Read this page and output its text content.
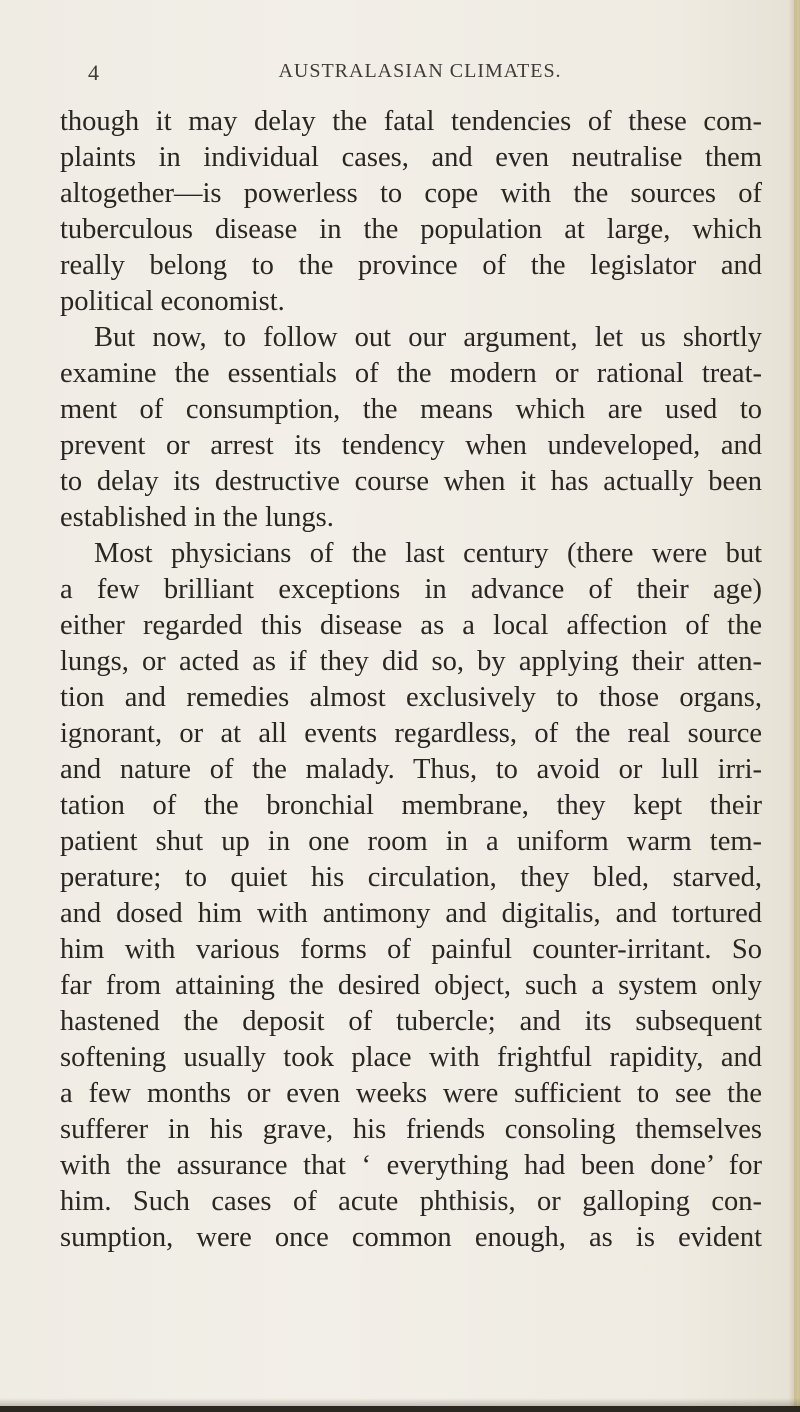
4	AUSTRALASIAN CLIMATES.
though it may delay the fatal tendencies of these com-
plaints in individual cases, and even neutralise them
altogether—is powerless to cope with the sources of
tuberculous disease in the population at large, which
really belong to the province of the legislator and
political economist.
But now, to follow out our argument, let us shortly
examine the essentials of the modern or rational treat-
ment of consumption, the means which are used to
prevent or arrest its tendency when undeveloped, and
to delay its destructive course when it has actually been
established in the lungs.
Most physicians of the last century (there were but
a few brilliant exceptions in advance of their age)
either regarded this disease as a local affection of the
lungs, or acted as if they did so, by applying their atten-
tion and remedies almost exclusively to those organs,
ignorant, or at all events regardless, of the real source
and nature of the malady. Thus, to avoid or lull irri-
tation of the bronchial membrane, they kept their
patient shut up in one room in a uniform warm tem-
perature; to quiet his circulation, they bled, starved,
and dosed him with antimony and digitalis, and tortured
him with various forms of painful counter-irritant. So
far from attaining the desired object, such a system only
hastened the deposit of tubercle; and its subsequent
softening usually took place with frightful rapidity, and
a few months or even weeks were sufficient to see the
sufferer in his grave, his friends consoling themselves
with the assurance that ‘ everything had been done’ for
him. Such cases of acute phthisis, or galloping con-
sumption, were once common enough, as is evident
